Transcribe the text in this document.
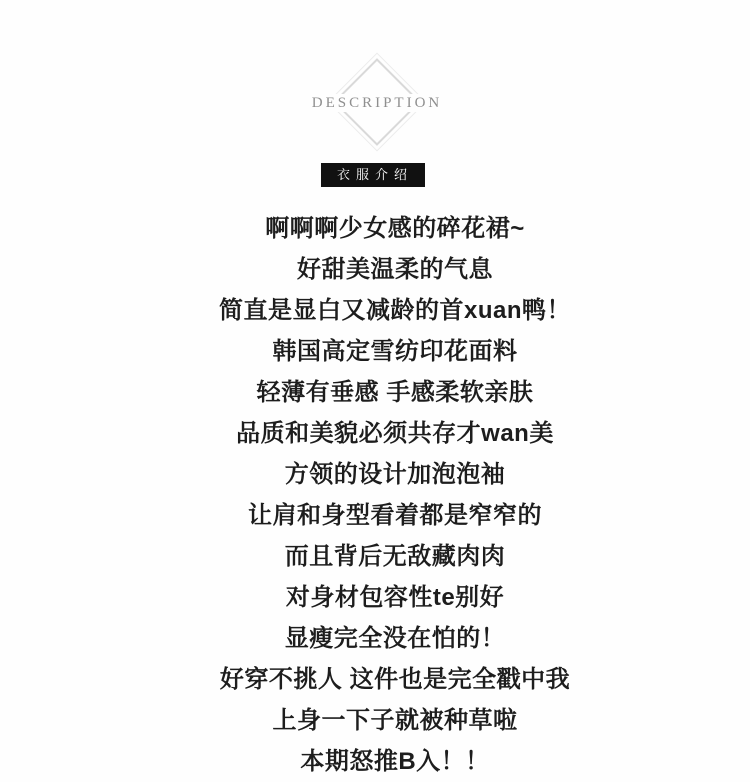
DESCRIPTION
衣服介绍

啊啊啊少女感的碎花裙~

好甜美温柔的气息

简直是显白又减龄的首xuan鸭！

韩国高定雪纺印花面料

轻薄有垂感 手感柔软亲肤

品质和美貌必须共存才wan美

方领的设计加泡泡袖

让肩和身型看着都是窄窄的

而且背后无敌藏肉肉

对身材包容性te别好

显瘦完全没在怕的！

好穿不挑人 这件也是完全戳中我

上身一下子就被种草啦

本期怒推B入！！
